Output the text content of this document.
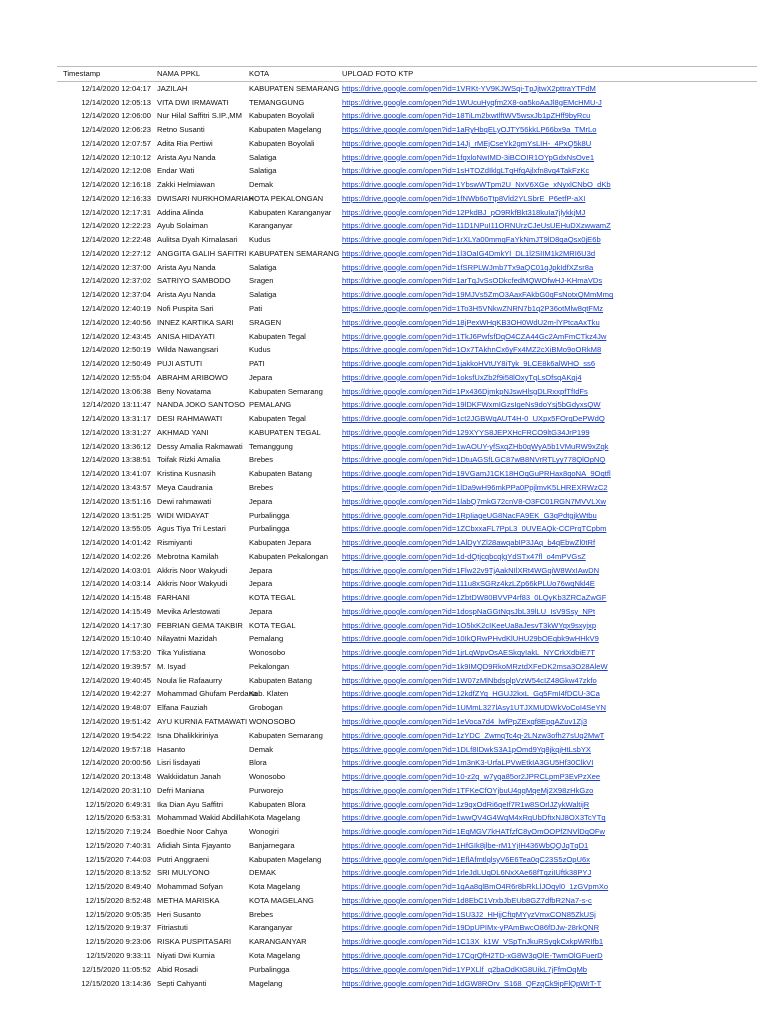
Timestamp	NAMA PPKL	KOTA	UPLOAD FOTO KTP
12/14/2020 12:04:17	JAZILAH	KABUPATEN SEMARANG	https://drive.google.com/open?id=1VRKt-YV9KJWSqi-TpJjtwX2pttraYTFdM
12/14/2020 12:05:13	VITA DWI IRMAWATI	TEMANGGUNG	https://drive.google.com/open?id=1WUcuHyqfm2X8-oa5koAaJl8gEMcHMU-J
12/14/2020 12:06:00	Nur Hilal Saffitri S.IP.,MM	Kabupaten Boyolali	https://drive.google.com/open?id=18TiLm2lxwtlftWV5wsxJb1pZHff9byRcu
12/14/2020 12:06:23	Retno Susanti	Kabupaten Magelang	https://drive.google.com/open?id=1aRyHbqELyOJTY56kkLP66bx9a_TMrLo
12/14/2020 12:07:57	Adita Ria Pertiwi	Kabupaten Boyolali	https://drive.google.com/open?id=14Jj_rMEjCseYk2gmYsLIH-_4PxQ5k8U
12/14/2020 12:10:12	Arista Ayu Nanda	Salatiga	https://drive.google.com/open?id=1fqxloNwIMD-3iBCOIR1OYpGdxNsOve1
12/14/2020 12:12:08	Endar Wati	Salatiga	https://drive.google.com/open?id=1sHTOZdIklgLTqHfqAjlxfn8vq4TakFzKc
12/14/2020 12:16:18	Zakki Helmiawan	Demak	https://drive.google.com/open?id=1YbswWTpm2U_NxV6XGe_xNyxlCNbO_dKb
12/14/2020 12:16:33	DWISARI NURKHOMARIAH	KOTA PEKALONGAN	https://drive.google.com/open?id=1fNWb6oTtp8Vld2YLSbrE_P6etfP-aXI
12/14/2020 12:17:31	Addina Alinda	Kabupaten Karanganyar	https://drive.google.com/open?id=12PkdBJ_pO9RkfBkt318kuIa7jlykkjMJ
12/14/2020 12:22:23	Ayub Solaiman	Karanganyar	https://drive.google.com/open?id=11D1NPuI11ORNUrzCJeUsUEHuDXzwwamZ
12/14/2020 12:22:48	Aulitsa Dyah Kirnalasari	Kudus	https://drive.google.com/open?id=1rXLYa00mmqFaYkNmJT9lD8qaQsx0jE6b
12/14/2020 12:27:12	ANGGITA GALIH SAFITRI	KABUPATEN SEMARANG	https://drive.google.com/open?id=1l3OaIG4DmkYl_DL1l2SIIM1k2MRI6U3d
12/14/2020 12:37:00	Arista Ayu Nanda	Salatiga	https://drive.google.com/open?id=1fSRPLWJmb7Tx9aQC01qJpkIdfXZsr8a
12/14/2020 12:37:02	SATRIYO SAMBODO	Sragen	https://drive.google.com/open?id=1arTqJvSsODkcfedMQWOfwHJ-KHmaVDs
12/14/2020 12:37:04	Arista Ayu Nanda	Salatiga	https://drive.google.com/open?id=19MJVs5ZmO3AaxFAkbG0qFsNotxQMmMmq
12/14/2020 12:40:19	Nofi Puspita Sari	Pati	https://drive.google.com/open?id=1To3H5VNkwZNRN7b1q2P36otMlw8qtFMz
12/14/2020 12:40:56	INNEZ KARTIKA SARI	SRAGEN	https://drive.google.com/open?id=18jPexWHqKB3OH0WdU2m-lYPtcaAxTku
12/14/2020 12:43:45	ANISA HIDAYATI	Kabupaten Tegal	https://drive.google.com/open?id=1TkJ6PwfsfDqO4CZA44Gc2AmFmCTkz4Jw
12/14/2020 12:50:19	Wilda Nawangsari	Kudus	https://drive.google.com/open?id=1Ox7TAkhnCx6yFx4MZ2cXiBMo9oORkM8
12/14/2020 12:50:49	PUJI ASTUTI	PATI	https://drive.google.com/open?id=1jakkoHVtUY8iTyk_9LCE8k6alWHO_ss6
12/14/2020 12:55:04	ABRAHM ARIBOWO	Jepara	https://drive.google.com/open?id=1oksfUxZb2f9i58lOxyTqLsOfsqAKqj4
12/14/2020 13:06:38	Beny Novatama	Kabupaten Semarang	https://drive.google.com/open?id=1Px436DjmkpNJswHlsgDLRxxpfTfIdFs
12/14/2020 13:11:47	NANDA JOKO SANTOSO	PEMALANG	https://drive.google.com/open?id=19lDKFWxmIGzsIgeNs9doYsj5bGdyxsQW
12/14/2020 13:31:17	DESI RAHMAWATI	Kabupaten Tegal	https://drive.google.com/open?id=1ct2JGBWqAUT4H-0_UXpx5FOrqDePWdQ
12/14/2020 13:31:27	AKHMAD YANI	KABUPATEN TEGAL	https://drive.google.com/open?id=129XYYS8JEPXHcFRCO9ltG34JrP199
12/14/2020 13:36:12	Dessy Amalia Rakmawati	Temanggung	https://drive.google.com/open?id=1wAOUY-yfSxqZHb0qWyA5b1VMuRW9xZqk
12/14/2020 13:38:51	Toifak Rizki Amalia	Brebes	https://drive.google.com/open?id=1DtuAGSfLGC87wB8NVrRTLyy778QlOpNQ
12/14/2020 13:41:07	Kristina Kusnasih	Kabupaten Batang	https://drive.google.com/open?id=19VGamJ1CK18HOqGuPRHax8qoNA_9Oqtfl
12/14/2020 13:43:57	Meya Caudrania	Brebes	https://drive.google.com/open?id=1lDa9wH96mkPPa0PpjlmvK5LHREXRWzC2
12/14/2020 13:51:16	Dewi rahmawati	Jepara	https://drive.google.com/open?id=1labQ7mkG72cnV8-O3FC01RGN7MVVLXw
12/14/2020 13:51:25	WIDI WIDAYAT	Purbalingga	https://drive.google.com/open?id=1RpIiageUG8NacFA9EK_G3qPdtgjkWtbu
12/14/2020 13:55:05	Agus Tiya Tri Lestari	Purbalingga	https://drive.google.com/open?id=1ZCbxxaFL7PpL3_0UVEAQk-CCPrqTCpbm
12/14/2020 14:01:42	Rismiyanti	Kabupaten Jepara	https://drive.google.com/open?id=1AlDyYZl28awqabIP3JAq_b4qEbwZl0tRf
12/14/2020 14:02:26	Mebrotna Kamilah	Kabupaten Pekalongan	https://drive.google.com/open?id=1d-dQtjcqbcqlgYdSTx47fl_o4mPVGsZ
12/14/2020 14:03:01	Akkris Noor Wakyudi	Jepara	https://drive.google.com/open?id=1Flw22v9TjAakNIlXRt4WGqiW8WxIAwDN
12/14/2020 14:03:14	Akkris Noor Wakyudi	Jepara	https://drive.google.com/open?id=111u8xSGRz4kzLZp66kPLUo76wqNkl4E
12/14/2020 14:15:48	FARHANI	KOTA TEGAL	https://drive.google.com/open?id=1ZbtDW80BVVP4rf83_0LQyKb3ZRCaZwGF
12/14/2020 14:15:49	Mevika Arlestowati	Jepara	https://drive.google.com/open?id=1dospNaGGtNqsJbL39lLU_IsV9Ssy_NPt
12/14/2020 14:17:30	FEBRIAN GEMA TAKBIR	KOTA TEGAL	https://drive.google.com/open?id=1O5lxK2cIKeeUa8aJesvT3kWYqx9sxyjxp
12/14/2020 15:10:40	Nilayatni Mazidah	Pemalang	https://drive.google.com/open?id=10IkQRwPHvdKlUHU29bOEqbk9wHHkV9
12/14/2020 17:53:20	Tika Yulistiana	Wonosobo	https://drive.google.com/open?id=1jrLqWpvOsAESkqyIakL_NYCrkXdbiE7T
12/14/2020 19:39:57	M. Isyad	Pekalongan	https://drive.google.com/open?id=1k9IMQD9RkoMRztdXFeDK2msa3O28AleW
12/14/2020 19:40:45	Noula lie Rafaaurry	Kabupaten Batang	https://drive.google.com/open?id=1W07zMlNbdsplpVzW54cIZ48Gkw47zkfo
12/14/2020 19:42:27	Mohammad Ghufam Perdana	Kab. Klaten	https://drive.google.com/open?id=12kdfZYq_HGUJ2kxL_Gq5FmI4fDCU-3Ca
12/14/2020 19:48:07	Elfana Fauziah	Grobogan	https://drive.google.com/open?id=1UMmL327lAsy1UTJXMUDWkVoCoI4SeYN
12/14/2020 19:51:42	AYU KURNIA FATMAWATI	WONOSOBO	https://drive.google.com/open?id=1eVoca7d4_lwfPpZExqf8EpqAZuv1Zj3
12/14/2020 19:54:22	Isna Dhalikkiriniya	Kabupaten Semarang	https://drive.google.com/open?id=1zYDC_ZwmqTc4q-2LNzw3ofh27sUq2MwT
12/14/2020 19:57:18	Hasanto	Demak	https://drive.google.com/open?id=1DLf8IDwkS3A1pOmd9Yq8jkqjHtLsbYX
12/14/2020 20:00:56	Lisri lisdayati	Blora	https://drive.google.com/open?id=1m3nK3-UrfaLPVwEtkIA3GU5Hf30ClkVI
12/14/2020 20:13:48	Wakkiidatun Janah	Wonosobo	https://drive.google.com/open?id=10-z2q_w7yqa85or2JPRCLpmP3EvPzXee
12/14/2020 20:31:10	Defri Maniana	Purworejo	https://drive.google.com/open?id=1TFKeCfOYjbuU4qqMqeMj2X98zHkGzo
12/15/2020 6:49:31	Ika Dian Ayu Saffitri	Kabupaten Blora	https://drive.google.com/open?id=1z9qxOdRi6qeIf7R1w8SOrlJZykWaltijR
12/15/2020 6:53:31	Mohammad Wakid Abdillah	Kota Magelang	https://drive.google.com/open?id=1wwQV4G4WqM4xRqUbDftxNJ8OX3TcYTq
12/15/2020 7:19:24	Boedhie Noor Cahya	Wonogiri	https://drive.google.com/open?id=1EqMGV7kHATfzfC8yOmOOPfZNVlDqOFw
12/15/2020 7:40:31	Afidiah Sinta Fjayanto	Banjarnegara	https://drive.google.com/open?id=1HfGIk8jlbe-rM1YjIH436WbQQJqTqD1
12/15/2020 7:44:03	Putri Anggraeni	Kabupaten Magelang	https://drive.google.com/open?id=1EflAfmtlqlsyV6E6Tea0qC23S5zOpU6x
12/15/2020 8:13:52	SRI MULYONO	DEMAK	https://drive.google.com/open?id=1rleJdLUqDL6NxXAe68fTqziIUftk38PYJ
12/15/2020 8:49:40	Mohammad Sofyan	Kota Magelang	https://drive.google.com/open?id=1qAa8qlBmO4R6r8bRkLlJOqyl0_1zGVpmXo
12/15/2020 8:52:48	METHA MARISKA	KOTA MAGELANG	https://drive.google.com/open?id=1d8EbC1VrxbJbEUb8GZ7dfbR2Na7-s-c
12/15/2020 9:05:35	Heri Susanto	Brebes	https://drive.google.com/open?id=1SU3J2_HHjjCftqMYyzVmxCON85ZkUSj
12/15/2020 9:19:37	Fitriastuti	Karanganyar	https://drive.google.com/open?id=19DpUPIMx-yPAmBwcO86fDJw-28rkQNR
12/15/2020 9:23:06	RISKA PUSPITASARI	KARANGANYAR	https://drive.google.com/open?id=1C13X_k1W_VSpTnJkuRSyqkCxkpWRIfb1
12/15/2020 9:33:11	Niyati Dwi Kurnia	Kota Magelang	https://drive.google.com/open?id=17CgrQfH2TD-xG8W3qOlE-TwmOlGFuerD
12/15/2020 11:05:52	Abid Rosadi	Purbalingga	https://drive.google.com/open?id=1YPXLlf_q2baOdKtG8UikL7jFfmOqMb
12/15/2020 13:14:36	Septi Cahyanti	Magelang	https://drive.google.com/open?id=1dGW8ROrv_S168_QFzqCk9ipFlQpWrT-T
